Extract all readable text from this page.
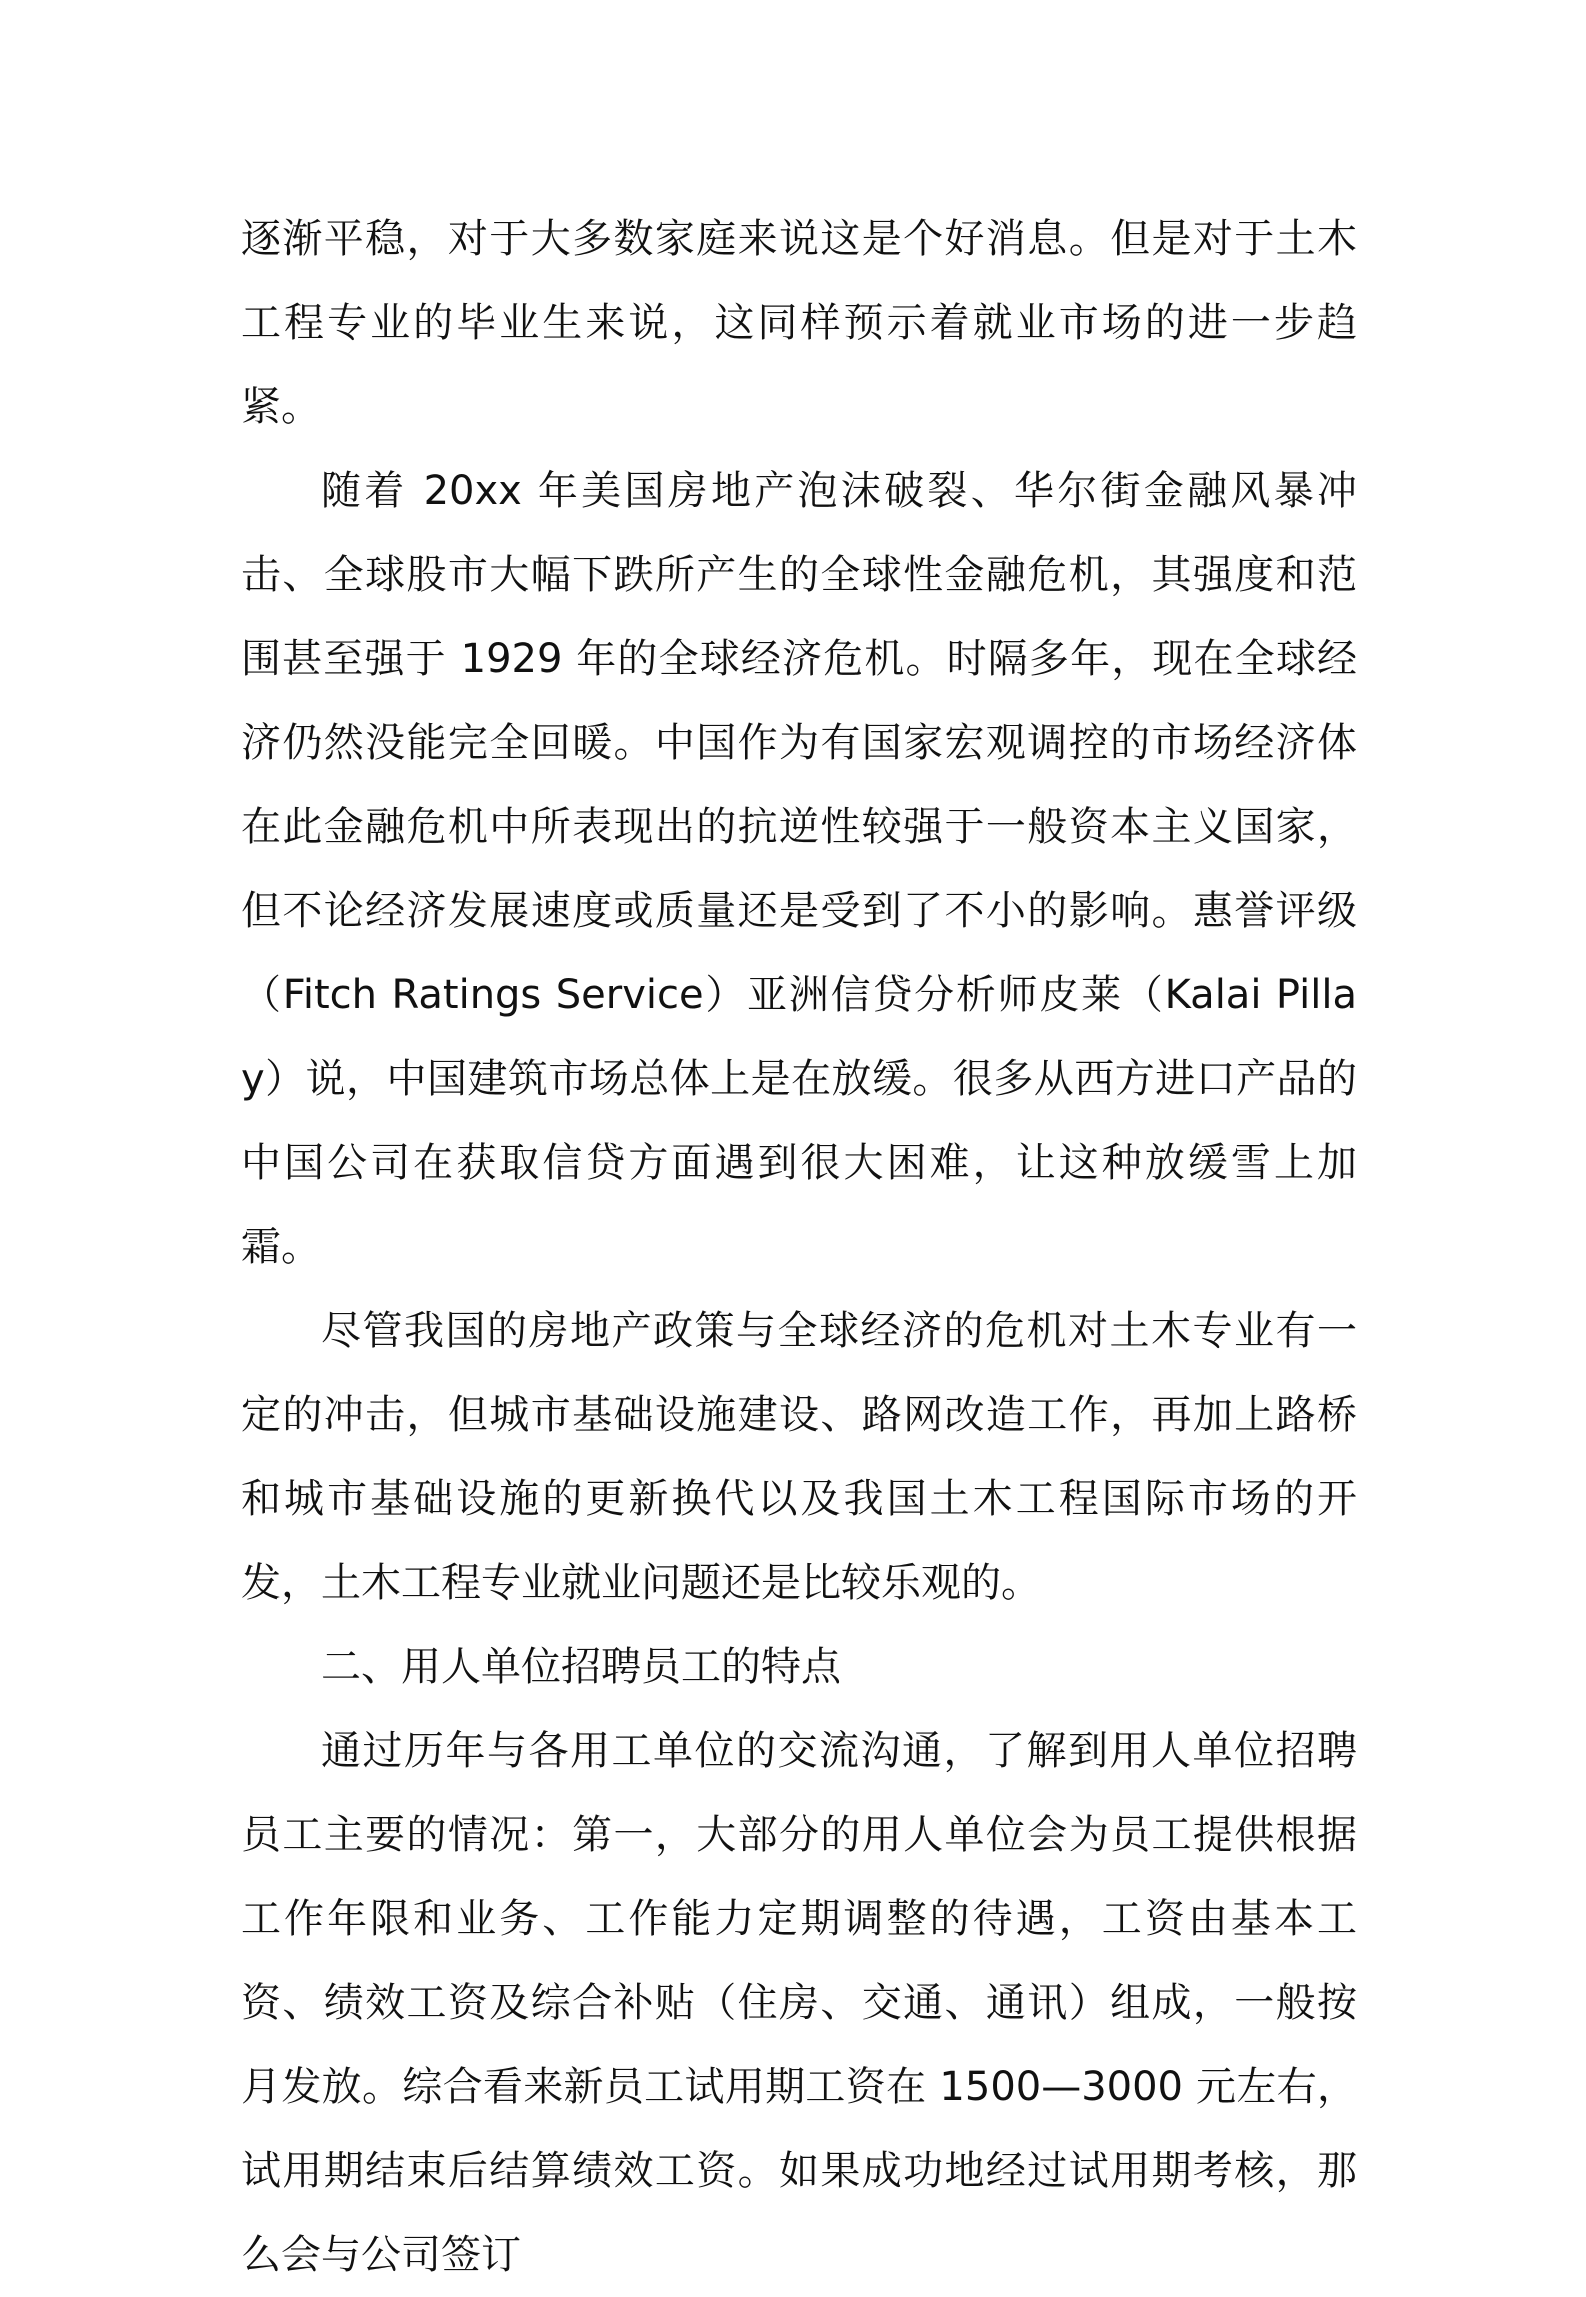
逐渐平稳，对于大多数家庭来说这是个好消息。但是对于土木工程专业的毕业生来说，这同样预示着就业市场的进一步趋紧。

随着 20xx 年美国房地产泡沫破裂、华尔街金融风暴冲击、全球股市大幅下跌所产生的全球性金融危机，其强度和范围甚至强于 1929 年的全球经济危机。时隔多年，现在全球经济仍然没能完全回暖。中国作为有国家宏观调控的市场经济体在此金融危机中所表现出的抗逆性较强于一般资本主义国家，但不论经济发展速度或质量还是受到了不小的影响。惠誉评级（Fitch Ratings Service）亚洲信贷分析师皮莱（Kalai Pillay）说，中国建筑市场总体上是在放缓。很多从西方进口产品的中国公司在获取信贷方面遇到很大困难，让这种放缓雪上加霜。

尽管我国的房地产政策与全球经济的危机对土木专业有一定的冲击，但城市基础设施建设、路网改造工作，再加上路桥和城市基础设施的更新换代以及我国土木工程国际市场的开发，土木工程专业就业问题还是比较乐观的。

二、用人单位招聘员工的特点

通过历年与各用工单位的交流沟通，了解到用人单位招聘员工主要的情况：第一，大部分的用人单位会为员工提供根据工作年限和业务、工作能力定期调整的待遇，工资由基本工资、绩效工资及综合补贴（住房、交通、通讯）组成，一般按月发放。综合看来新员工试用期工资在 1500—3000 元左右，试用期结束后结算绩效工资。如果成功地经过试用期考核，那么会与公司签订
